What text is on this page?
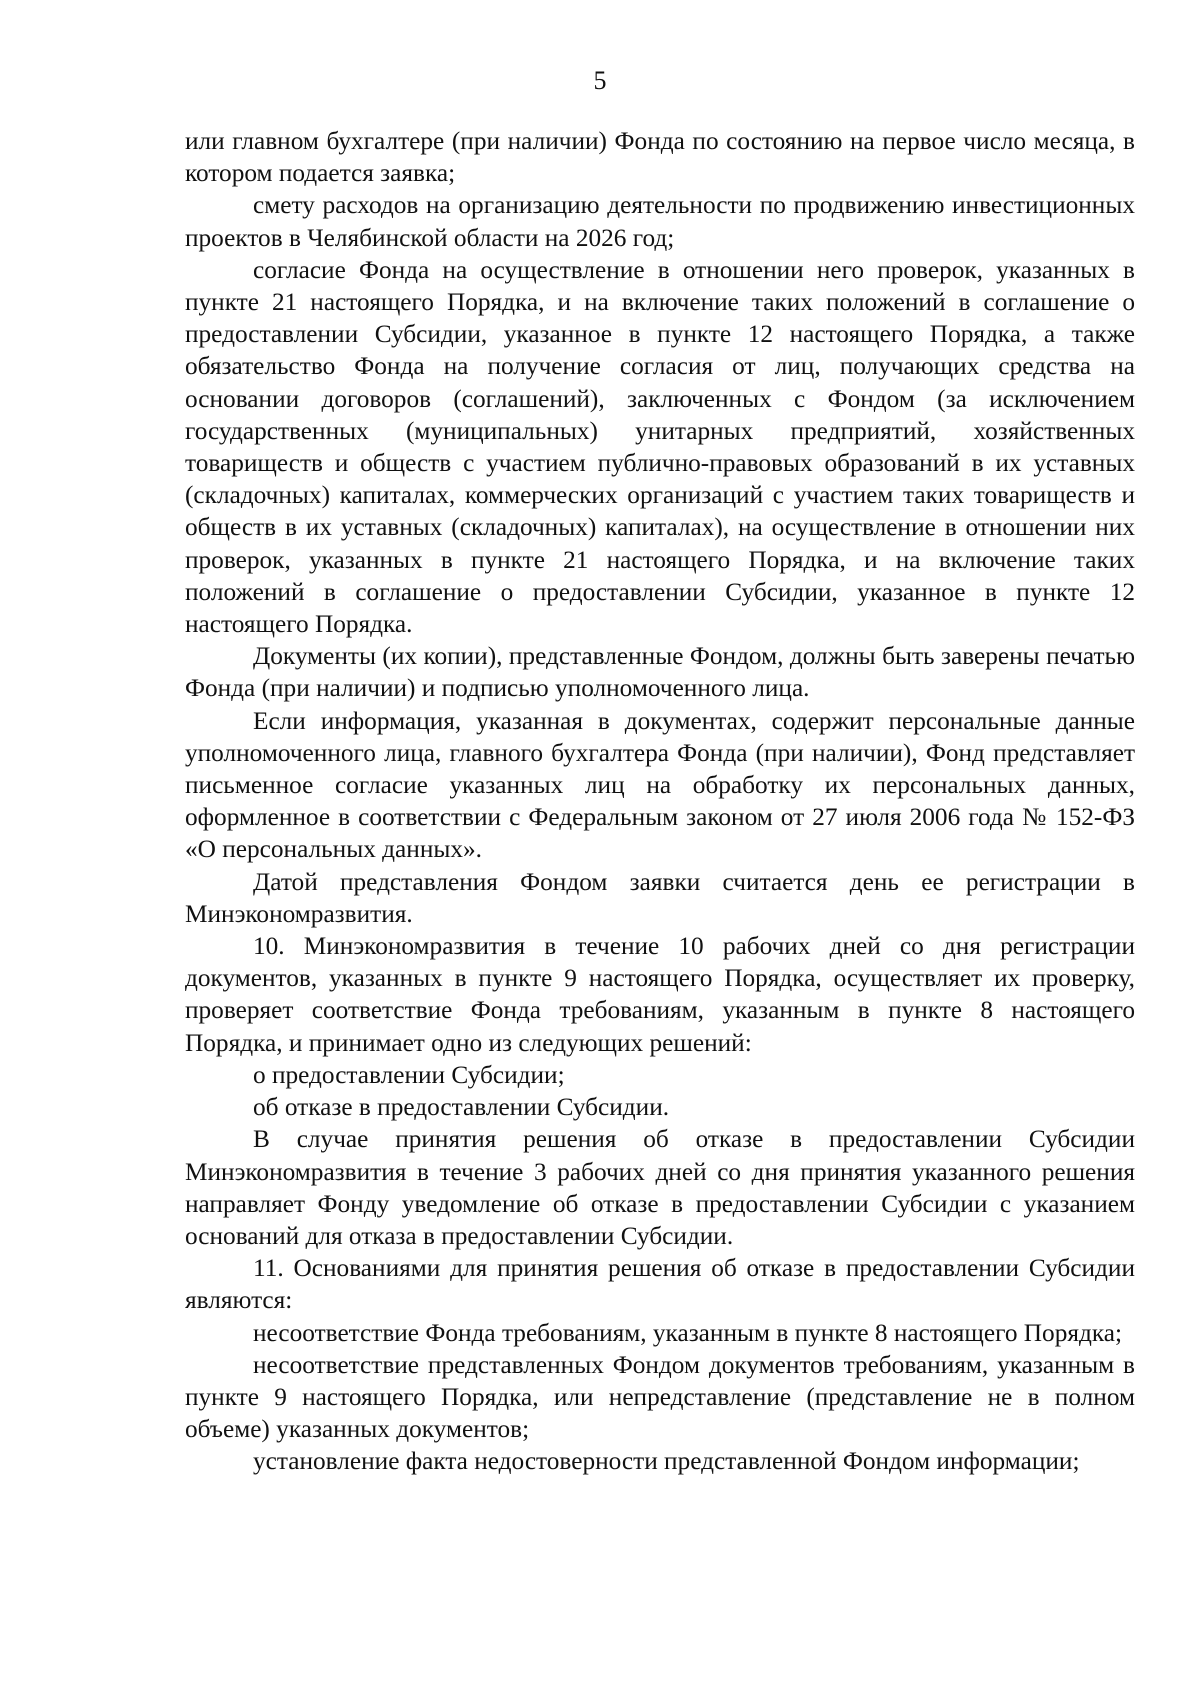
5

или главном бухгалтере (при наличии) Фонда по состоянию на первое число месяца, в котором подается заявка;

смету расходов на организацию деятельности по продвижению инвестиционных проектов в Челябинской области на 2026 год;

согласие Фонда на осуществление в отношении него проверок, указанных в пункте 21 настоящего Порядка, и на включение таких положений в соглашение о предоставлении Субсидии, указанное в пункте 12 настоящего Порядка, а также обязательство Фонда на получение согласия от лиц, получающих средства на основании договоров (соглашений), заключенных с Фондом (за исключением государственных (муниципальных) унитарных предприятий, хозяйственных товариществ и обществ с участием публично-правовых образований в их уставных (складочных) капиталах, коммерческих организаций с участием таких товариществ и обществ в их уставных (складочных) капиталах), на осуществление в отношении них проверок, указанных в пункте 21 настоящего Порядка, и на включение таких положений в соглашение о предоставлении Субсидии, указанное в пункте 12 настоящего Порядка.

Документы (их копии), представленные Фондом, должны быть заверены печатью Фонда (при наличии) и подписью уполномоченного лица.

Если информация, указанная в документах, содержит персональные данные уполномоченного лица, главного бухгалтера Фонда (при наличии), Фонд представляет письменное согласие указанных лиц на обработку их персональных данных, оформленное в соответствии с Федеральным законом от 27 июля 2006 года № 152-ФЗ «О персональных данных».

Датой представления Фондом заявки считается день ее регистрации в Минэкономразвития.

10. Минэкономразвития в течение 10 рабочих дней со дня регистрации документов, указанных в пункте 9 настоящего Порядка, осуществляет их проверку, проверяет соответствие Фонда требованиям, указанным в пункте 8 настоящего Порядка, и принимает одно из следующих решений:

о предоставлении Субсидии;

об отказе в предоставлении Субсидии.

В случае принятия решения об отказе в предоставлении Субсидии Минэкономразвития в течение 3 рабочих дней со дня принятия указанного решения направляет Фонду уведомление об отказе в предоставлении Субсидии с указанием оснований для отказа в предоставлении Субсидии.

11. Основаниями для принятия решения об отказе в предоставлении Субсидии являются:

несоответствие Фонда требованиям, указанным в пункте 8 настоящего Порядка;

несоответствие представленных Фондом документов требованиям, указанным в пункте 9 настоящего Порядка, или непредставление (представление не в полном объеме) указанных документов;

установление факта недостоверности представленной Фондом информации;
